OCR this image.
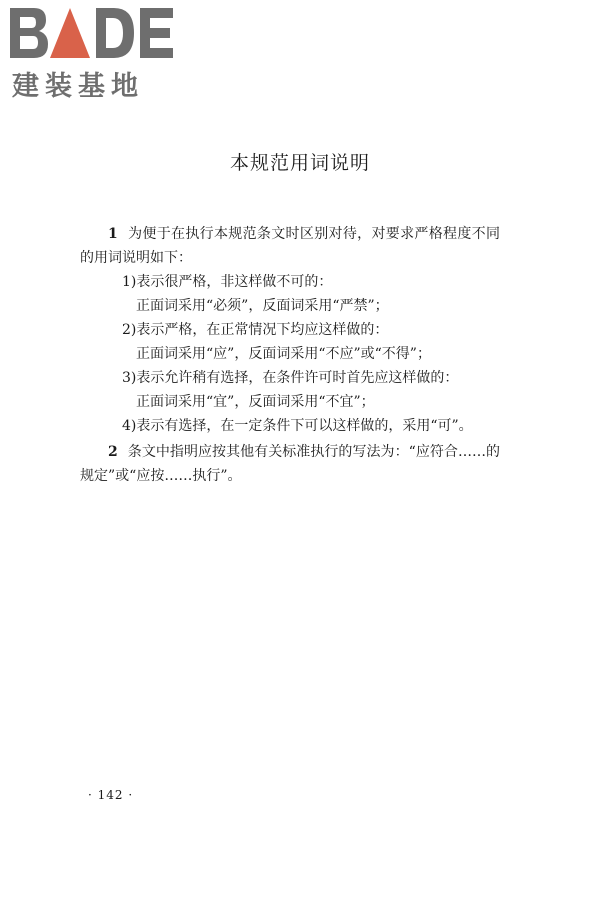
建装基地
本规范用词说明

1 为便于在执行本规范条文时区别对待，对要求严格程度不同的用词说明如下：

1)表示很严格，非这样做不可的：

正面词采用“必须”，反面词采用“严禁”；

2)表示严格，在正常情况下均应这样做的：

正面词采用“应”，反面词采用“不应”或“不得”；

3)表示允许稍有选择，在条件许可时首先应这样做的：

正面词采用“宜”，反面词采用“不宜”；

4)表示有选择，在一定条件下可以这样做的，采用“可”。

2 条文中指明应按其他有关标准执行的写法为：“应符合……的规定”或“应按……执行”。

· 142 ·
